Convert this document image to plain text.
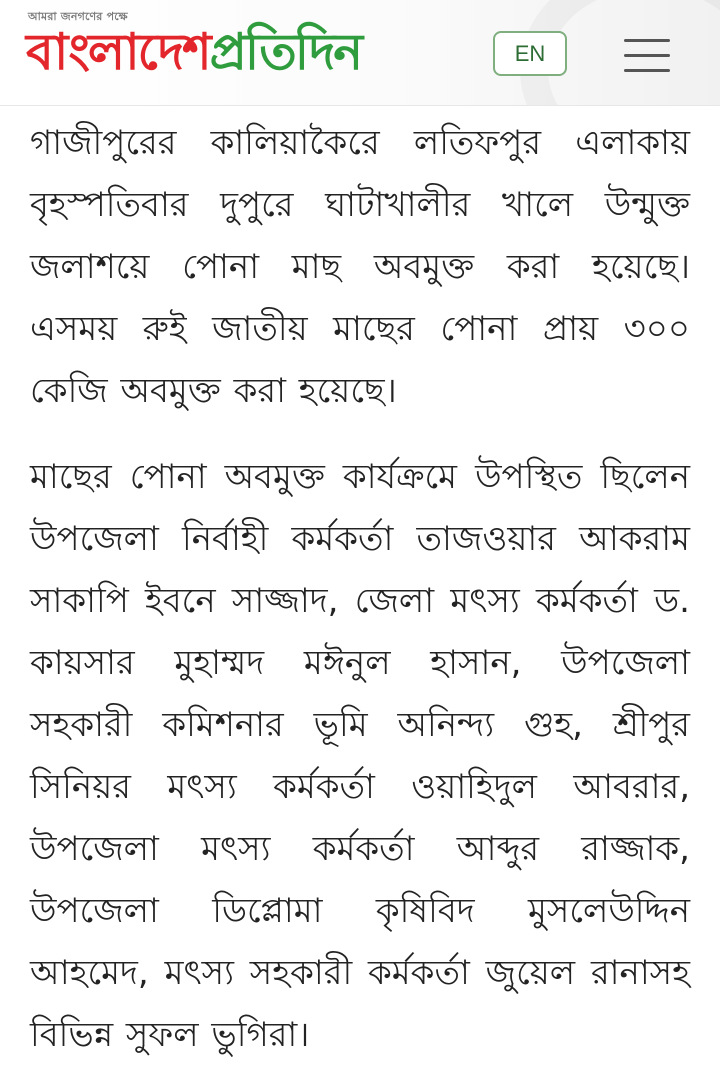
আমরা জনগণের পক্ষে
বাংলাদেশপ্রতিদিন	EN

গাজীপুরের কালিয়াকৈরে লতিফপুর এলাকায় বৃহস্পতিবার দুপুরে ঘাটাখালীর খালে উন্মুক্ত জলাশয়ে পোনা মাছ অবমুক্ত করা হয়েছে। এসময় রুই জাতীয় মাছের পোনা প্রায় ৩০০ কেজি অবমুক্ত করা হয়েছে।

মাছের পোনা অবমুক্ত কার্যক্রমে উপস্থিত ছিলেন উপজেলা নির্বাহী কর্মকর্তা তাজওয়ার আকরাম সাকাপি ইবনে সাজ্জাদ, জেলা মৎস্য কর্মকর্তা ড. কায়সার মুহাম্মদ মঈনুল হাসান, উপজেলা সহকারী কমিশনার ভূমি অনিন্দ্য গুহ, শ্রীপুর সিনিয়র মৎস্য কর্মকর্তা ওয়াহিদুল আবরার, উপজেলা মৎস্য কর্মকর্তা আব্দুর রাজ্জাক, উপজেলা ডিপ্লোমা কৃষিবিদ মুসলেউদ্দিন আহমেদ, মৎস্য সহকারী কর্মকর্তা জুয়েল রানাসহ বিভিন্ন সুফল ভুগিরা।
